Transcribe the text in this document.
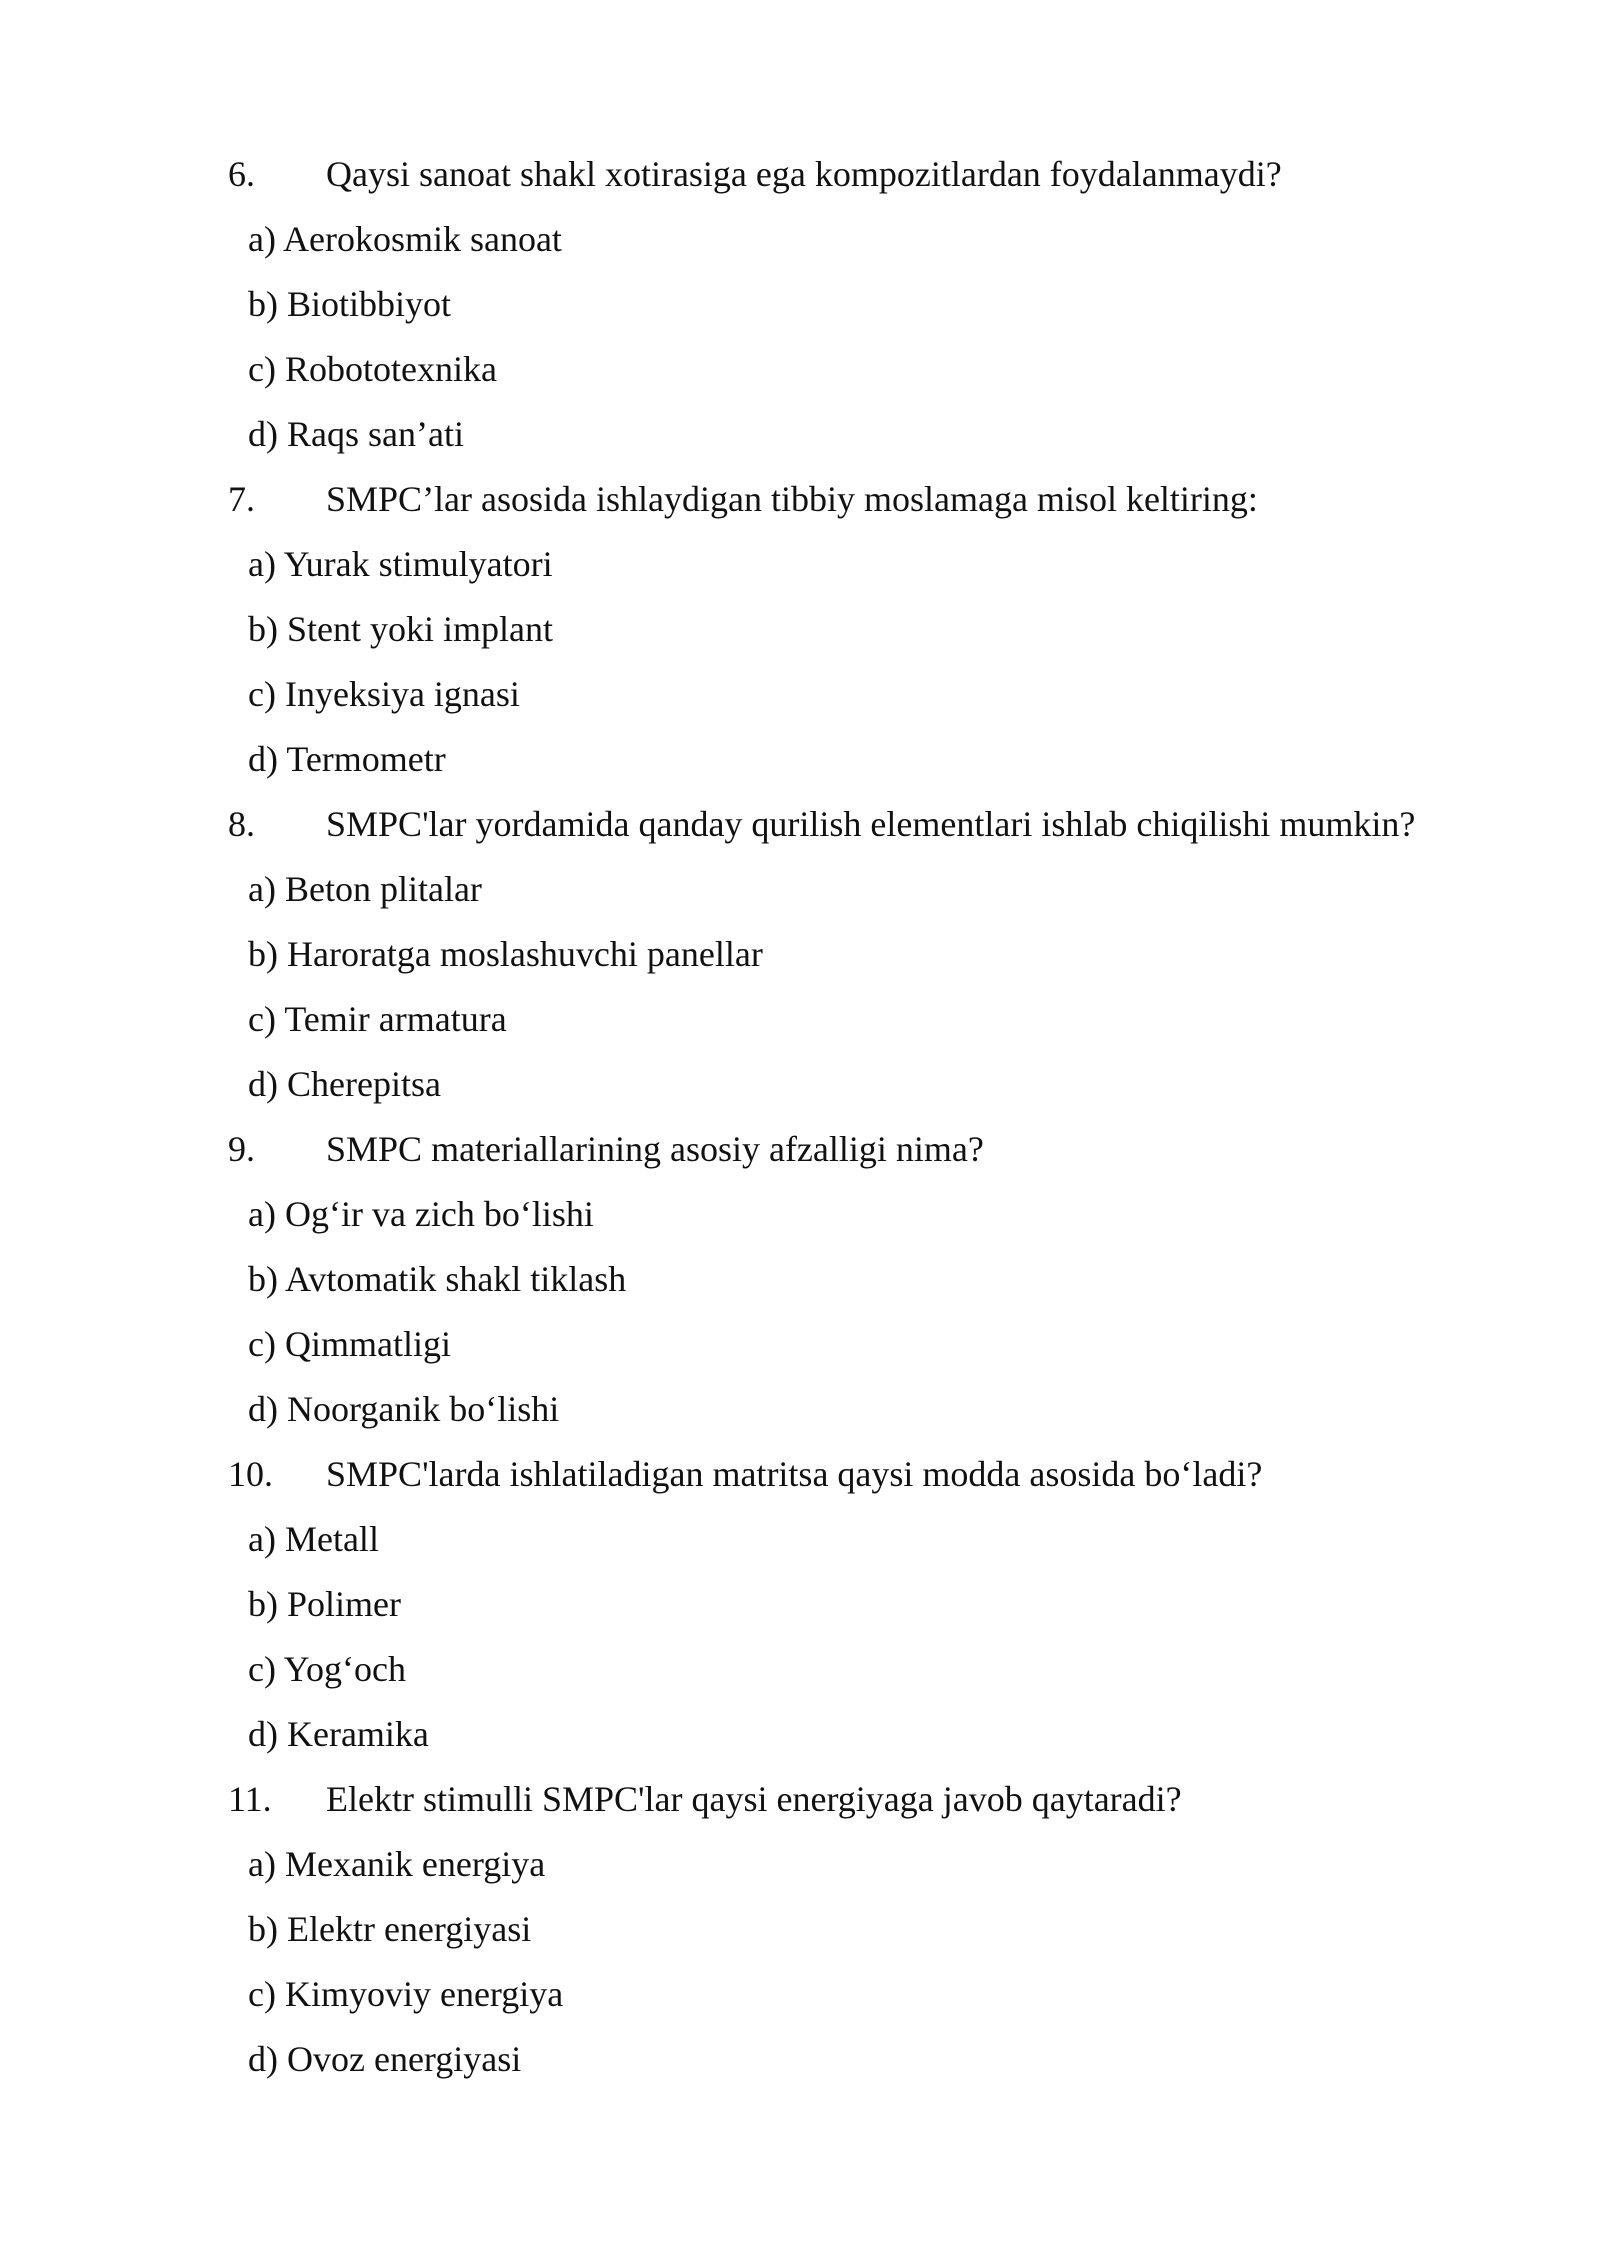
6. Qaysi sanoat shakl xotirasiga ega kompozitlardan foydalanmaydi?
a) Aerokosmik sanoat
b) Biotibbiyot
c) Robototexnika
d) Raqs san’ati
7. SMPC’lar asosida ishlaydigan tibbiy moslamaga misol keltiring:
a) Yurak stimulyatori
b) Stent yoki implant
c) Inyeksiya ignasi
d) Termometr
8. SMPC'lar yordamida qanday qurilish elementlari ishlab chiqilishi mumkin?
a) Beton plitalar
b) Haroratga moslashuvchi panellar
c) Temir armatura
d) Cherepitsa
9. SMPC materiallarining asosiy afzalligi nima?
a) Og‘ir va zich bo‘lishi
b) Avtomatik shakl tiklash
c) Qimmatligi
d) Noorganik bo‘lishi
10. SMPC'larda ishlatiladigan matritsa qaysi modda asosida bo‘ladi?
a) Metall
b) Polimer
c) Yog‘och
d) Keramika
11. Elektr stimulli SMPC'lar qaysi energiyaga javob qaytaradi?
a) Mexanik energiya
b) Elektr energiyasi
c) Kimyoviy energiya
d) Ovoz energiyasi
